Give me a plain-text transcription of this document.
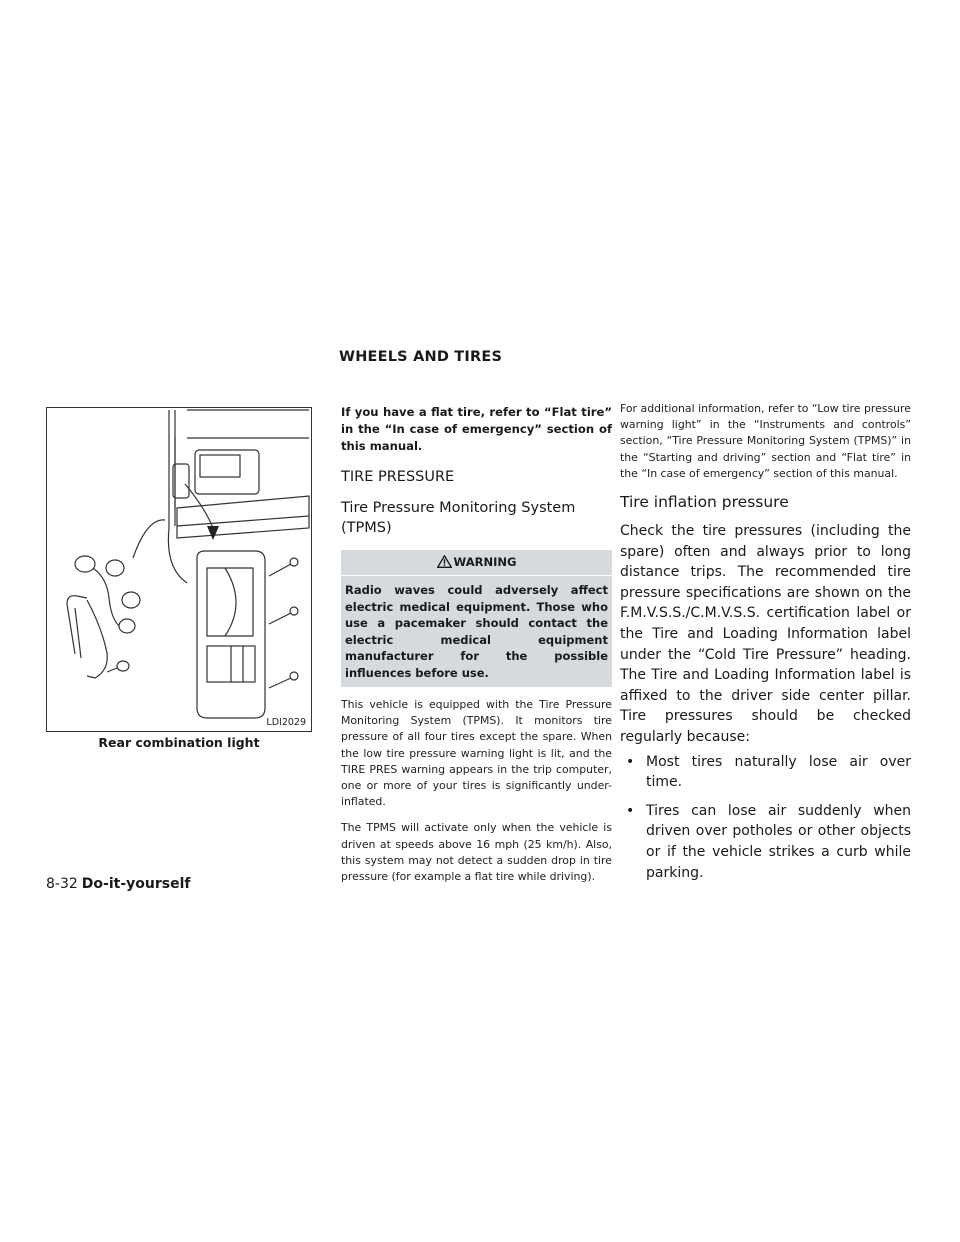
WHEELS AND TIRES
LDI2029
Rear combination light

If you have a flat tire, refer to “Flat tire” in the “In case of emergency” section of this manual.

TIRE PRESSURE
Tire Pressure Monitoring System (TPMS)
WARNING

Radio waves could adversely affect electric medical equipment. Those who use a pacemaker should contact the electric medical equipment manufacturer for the possible influences before use.

This vehicle is equipped with the Tire Pressure Monitoring System (TPMS). It monitors tire pressure of all four tires except the spare. When the low tire pressure warning light is lit, and the TIRE PRES warning appears in the trip computer, one or more of your tires is significantly under-inflated.

The TPMS will activate only when the vehicle is driven at speeds above 16 mph (25 km/h). Also, this system may not detect a sudden drop in tire pressure (for example a flat tire while driving).

For additional information, refer to “Low tire pressure warning light” in the “Instruments and controls” section, “Tire Pressure Monitoring System (TPMS)” in the “Starting and driving” section and “Flat tire” in the “In case of emergency” section of this manual.

Tire inflation pressure

Check the tire pressures (including the spare) often and always prior to long distance trips. The recommended tire pressure specifications are shown on the F.M.V.S.S./C.M.V.S.S. certification label or the Tire and Loading Information label under the “Cold Tire Pressure” heading. The Tire and Loading Information label is affixed to the driver side center pillar. Tire pressures should be checked regularly because:

• Most tires naturally lose air over time.
• Tires can lose air suddenly when driven over potholes or other objects or if the vehicle strikes a curb while parking.
8-32 Do-it-yourself
